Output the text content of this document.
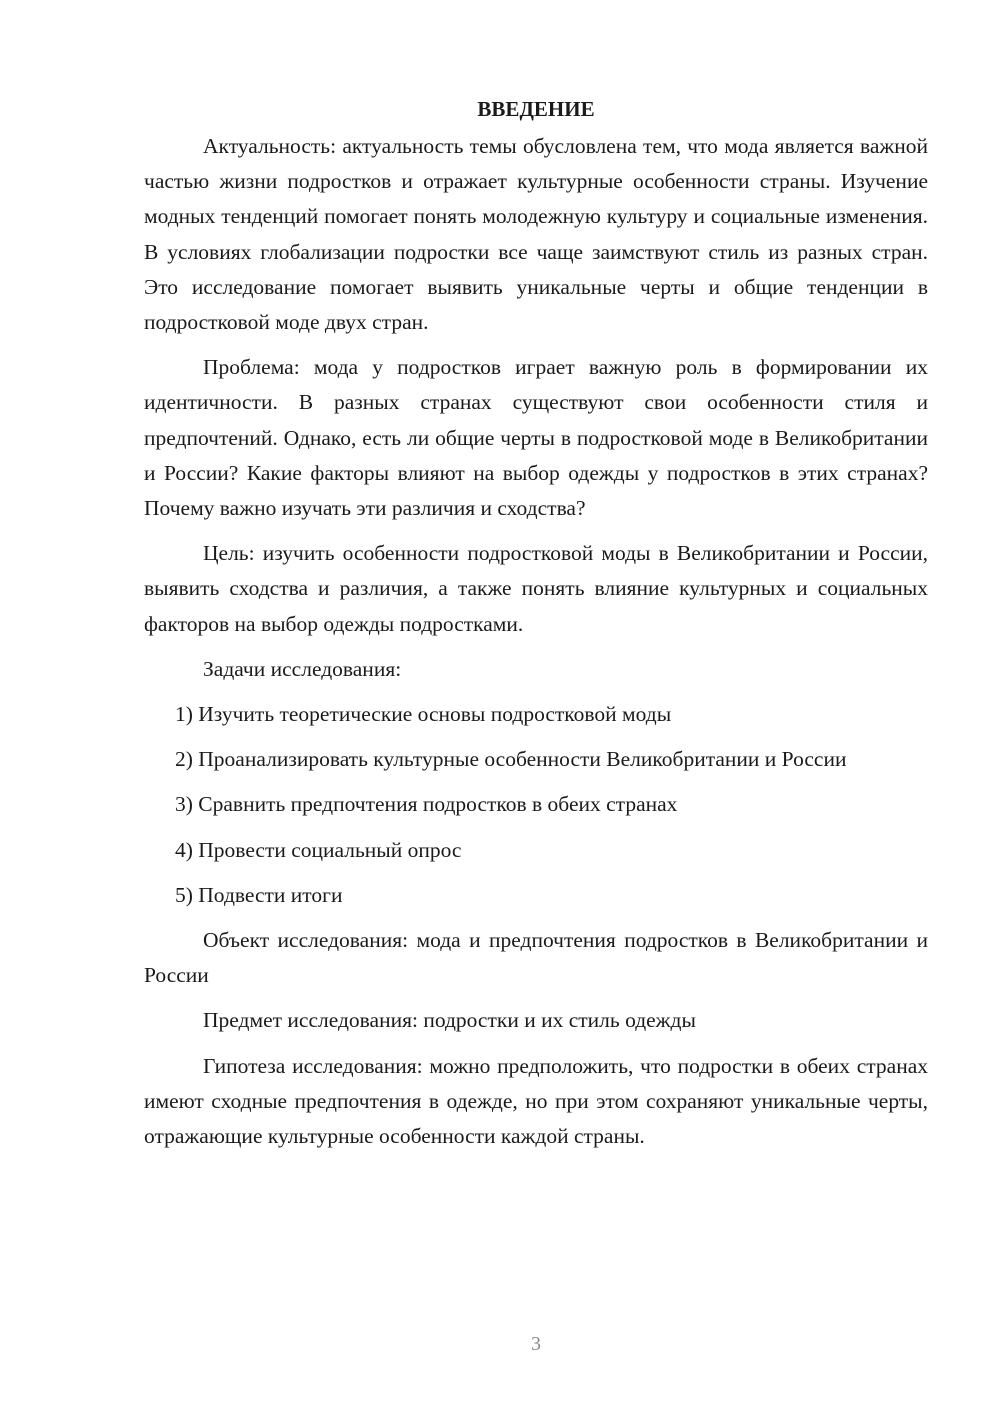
ВВЕДЕНИЕ

Актуальность: актуальность темы обусловлена тем, что мода является важной частью жизни подростков и отражает культурные особенности страны. Изучение модных тенденций помогает понять молодежную культуру и социальные изменения. В условиях глобализации подростки все чаще заимствуют стиль из разных стран. Это исследование помогает выявить уникальные черты и общие тенденции в подростковой моде двух стран.

Проблема: мода у подростков играет важную роль в формировании их идентичности. В разных странах существуют свои особенности стиля и предпочтений. Однако, есть ли общие черты в подростковой моде в Великобритании и России? Какие факторы влияют на выбор одежды у подростков в этих странах? Почему важно изучать эти различия и сходства?

Цель: изучить особенности подростковой моды в Великобритании и России, выявить сходства и различия, а также понять влияние культурных и социальных факторов на выбор одежды подростками.

Задачи исследования:

1) Изучить теоретические основы подростковой моды

2) Проанализировать культурные особенности Великобритании и России

3) Сравнить предпочтения подростков в обеих странах

4) Провести социальный опрос

5) Подвести итоги

Объект исследования: мода и предпочтения подростков в Великобритании и России

Предмет исследования: подростки и их стиль одежды

Гипотеза исследования: можно предположить, что подростки в обеих странах имеют сходные предпочтения в одежде, но при этом сохраняют уникальные черты, отражающие культурные особенности каждой страны.

3
